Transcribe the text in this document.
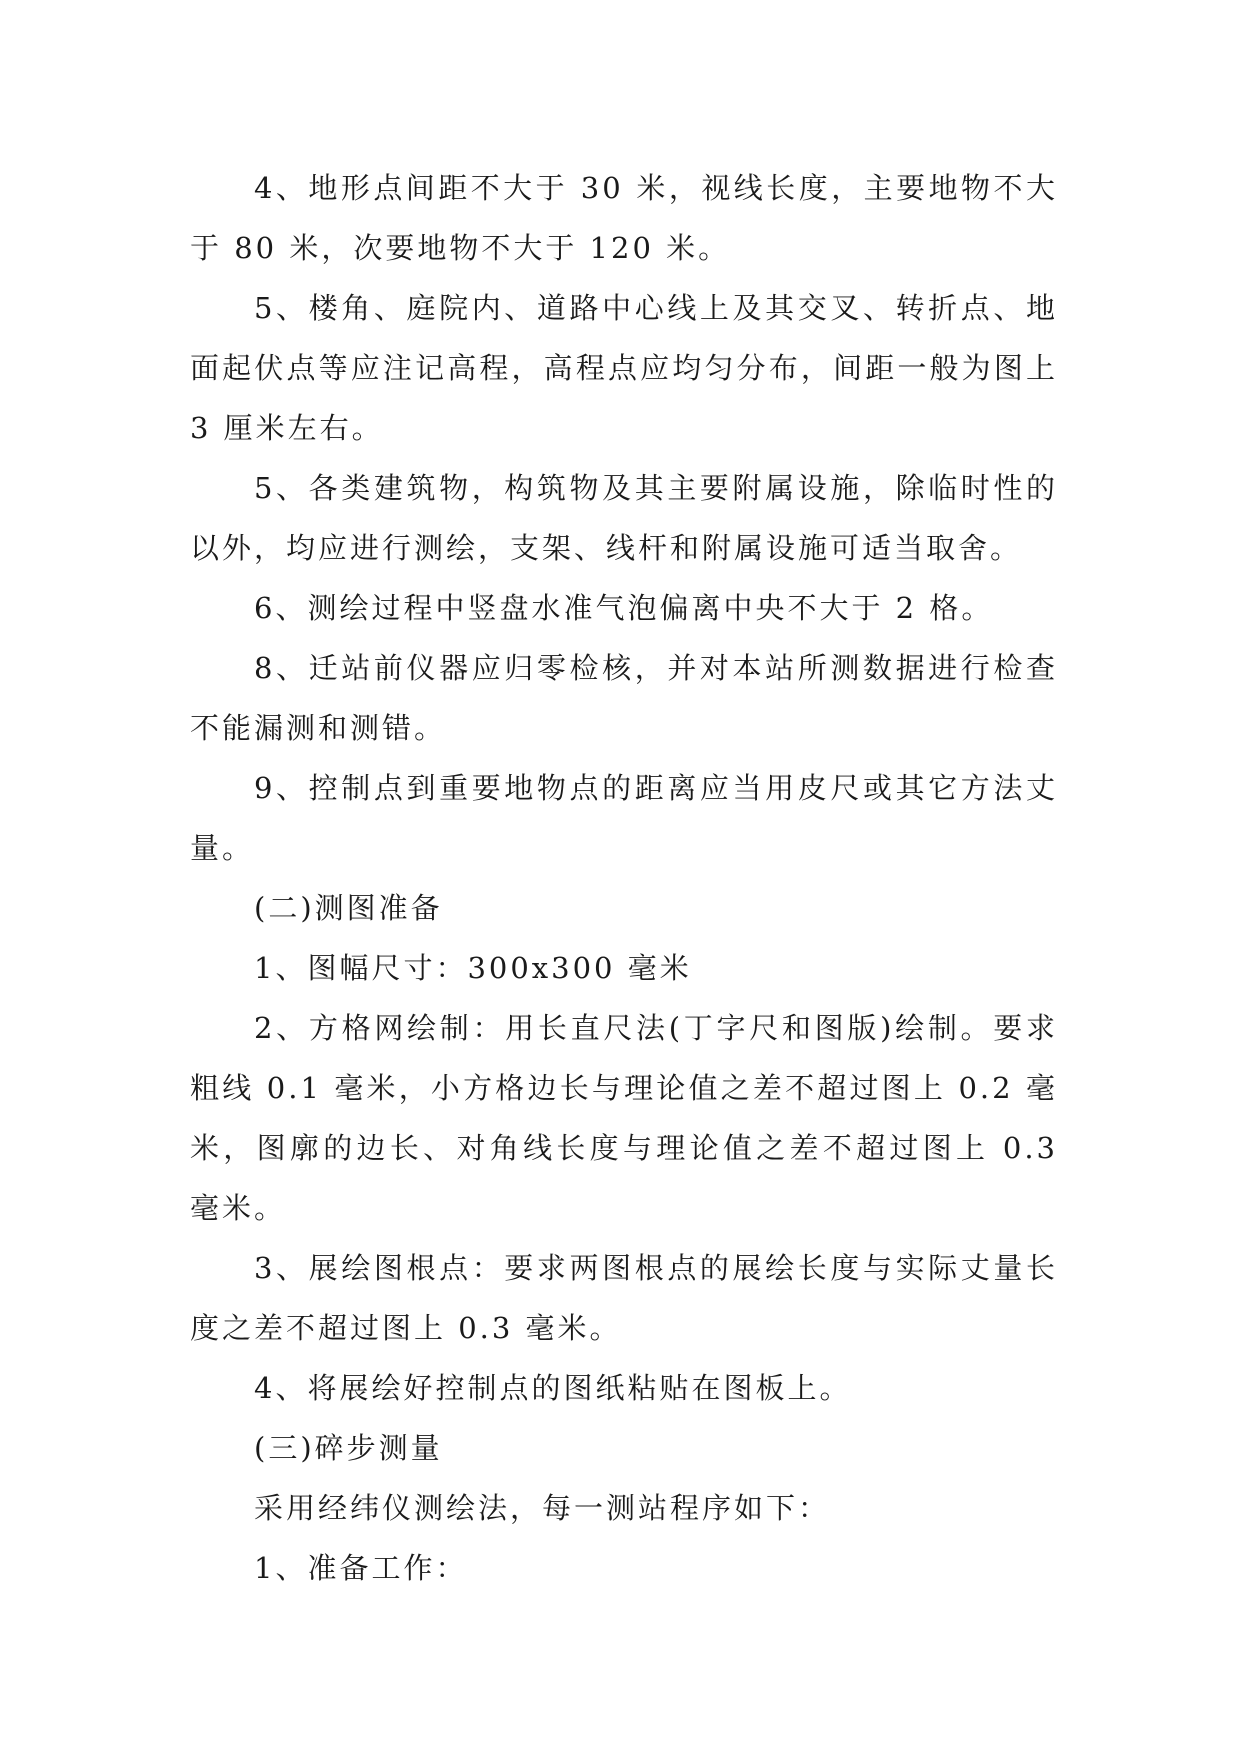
4、地形点间距不大于 30 米，视线长度，主要地物不大于 80 米，次要地物不大于 120 米。

5、楼角、庭院内、道路中心线上及其交叉、转折点、地面起伏点等应注记高程，高程点应均匀分布，间距一般为图上 3 厘米左右。

5、各类建筑物，构筑物及其主要附属设施，除临时性的以外，均应进行测绘，支架、线杆和附属设施可适当取舍。

6、测绘过程中竖盘水准气泡偏离中央不大于 2 格。

8、迁站前仪器应归零检核，并对本站所测数据进行检查不能漏测和测错。

9、控制点到重要地物点的距离应当用皮尺或其它方法丈量。

(二)测图准备

1、图幅尺寸：300x300 毫米

2、方格网绘制：用长直尺法(丁字尺和图版)绘制。要求粗线 0.1 毫米，小方格边长与理论值之差不超过图上 0.2 毫米，图廓的边长、对角线长度与理论值之差不超过图上 0.3 毫米。

3、展绘图根点：要求两图根点的展绘长度与实际丈量长度之差不超过图上 0.3 毫米。

4、将展绘好控制点的图纸粘贴在图板上。

(三)碎步测量

采用经纬仪测绘法，每一测站程序如下：

1、准备工作：
